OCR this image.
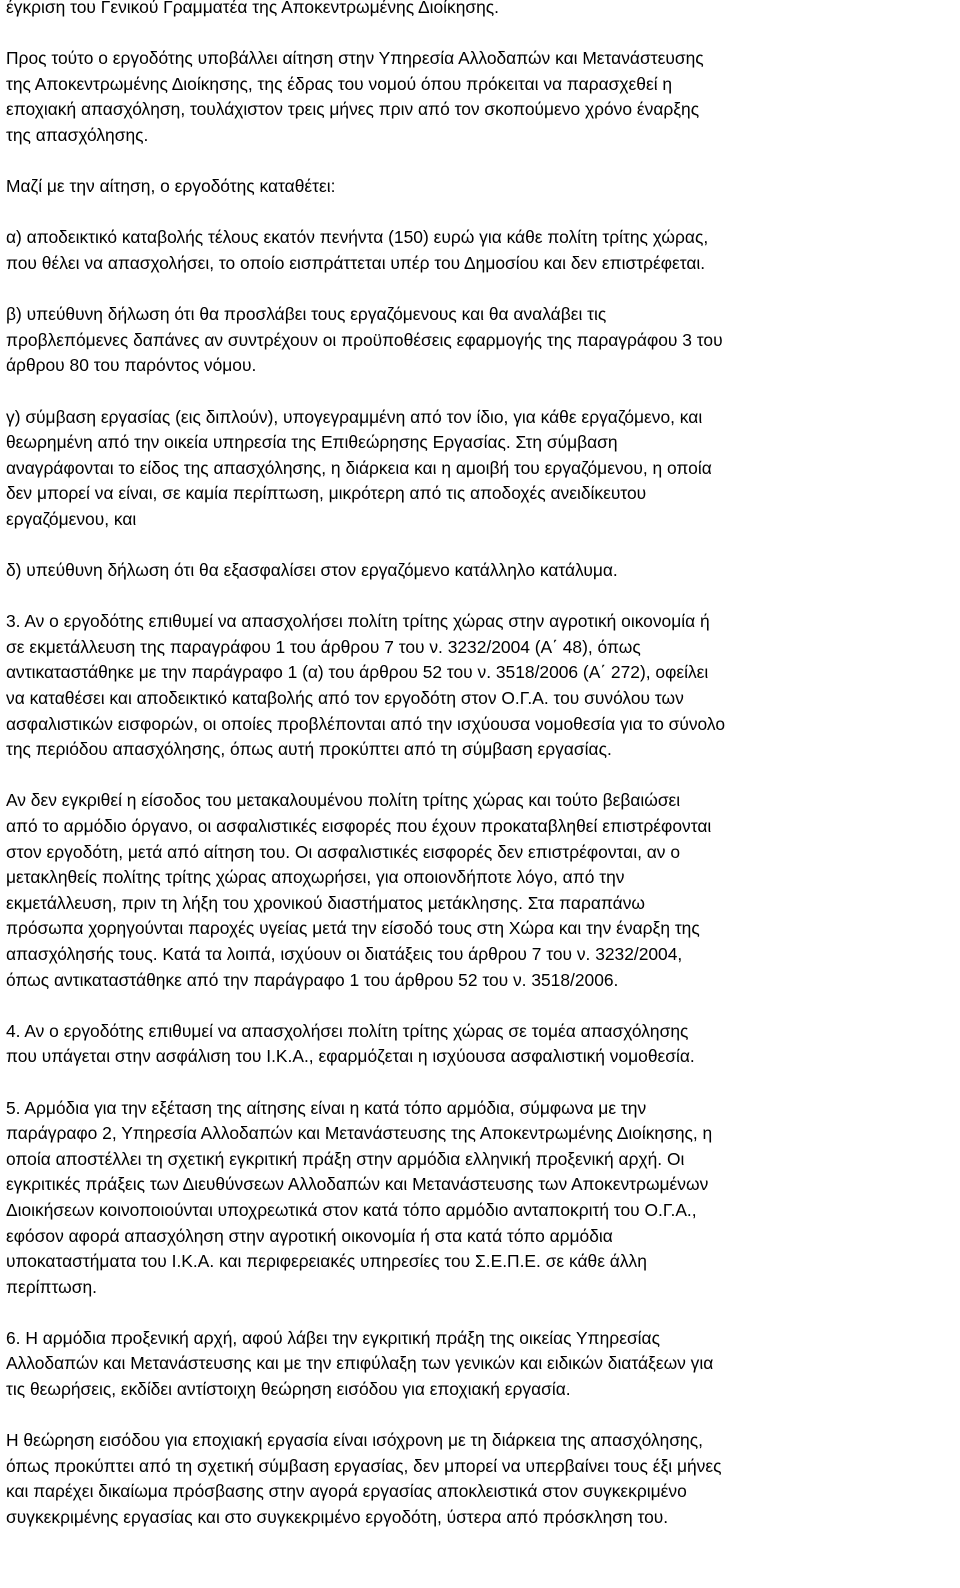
έγκριση του Γενικού Γραμματέα της Αποκεντρωμένης Διοίκησης.

Προς τούτο ο εργοδότης υποβάλλει αίτηση στην Υπηρεσία Αλλοδαπών και Μετανάστευσης
της Αποκεντρωμένης Διοίκησης, της έδρας του νομού όπου πρόκειται να παρασχεθεί η
εποχιακή απασχόληση, τουλάχιστον τρεις μήνες πριν από τον σκοπούμενο χρόνο έναρξης
της απασχόλησης.

Μαζί με την αίτηση, ο εργοδότης καταθέτει:

α) αποδεικτικό καταβολής τέλους εκατόν πενήντα (150) ευρώ για κάθε πολίτη τρίτης χώρας,
που θέλει να απασχολήσει, το οποίο εισπράττεται υπέρ του Δημοσίου και δεν επιστρέφεται.

β) υπεύθυνη δήλωση ότι θα προσλάβει τους εργαζόμενους και θα αναλάβει τις
προβλεπόμενες δαπάνες αν συντρέχουν οι προϋποθέσεις εφαρμογής της παραγράφου 3 του
άρθρου 80 του παρόντος νόμου.

γ) σύμβαση εργασίας (εις διπλούν), υπογεγραμμένη από τον ίδιο, για κάθε εργαζόμενο, και
θεωρημένη από την οικεία υπηρεσία της Επιθεώρησης Εργασίας. Στη σύμβαση
αναγράφονται το είδος της απασχόλησης, η διάρκεια και η αμοιβή του εργαζόμενου, η οποία
δεν μπορεί να είναι, σε καμία περίπτωση, μικρότερη από τις αποδοχές ανειδίκευτου
εργαζόμενου, και

δ) υπεύθυνη δήλωση ότι θα εξασφαλίσει στον εργαζόμενο κατάλληλο κατάλυμα.

3. Αν ο εργοδότης επιθυμεί να απασχολήσει πολίτη τρίτης χώρας στην αγροτική οικονομία ή
σε εκμετάλλευση της παραγράφου 1 του άρθρου 7 του ν. 3232/2004 (Α΄ 48), όπως
αντικαταστάθηκε με την παράγραφο 1 (α) του άρθρου 52 του ν. 3518/2006 (Α΄ 272), οφείλει
να καταθέσει και αποδεικτικό καταβολής από τον εργοδότη στον Ο.Γ.Α. του συνόλου των
ασφαλιστικών εισφορών, οι οποίες προβλέπονται από την ισχύουσα νομοθεσία για το σύνολο
της περιόδου απασχόλησης, όπως αυτή προκύπτει από τη σύμβαση εργασίας.

Αν δεν εγκριθεί η είσοδος του μετακαλουμένου πολίτη τρίτης χώρας και τούτο βεβαιώσει
από το αρμόδιο όργανο, οι ασφαλιστικές εισφορές που έχουν προκαταβληθεί επιστρέφονται
στον εργοδότη, μετά από αίτηση του. Οι ασφαλιστικές εισφορές δεν επιστρέφονται, αν ο
μετακληθείς πολίτης τρίτης χώρας αποχωρήσει, για οποιονδήποτε λόγο, από την
εκμετάλλευση, πριν τη λήξη του χρονικού διαστήματος μετάκλησης. Στα παραπάνω
πρόσωπα χορηγούνται παροχές υγείας μετά την είσοδό τους στη Χώρα και την έναρξη της
απασχόλησής τους. Κατά τα λοιπά, ισχύουν οι διατάξεις του άρθρου 7 του ν. 3232/2004,
όπως αντικαταστάθηκε από την παράγραφο 1 του άρθρου 52 του ν. 3518/2006.

4. Αν ο εργοδότης επιθυμεί να απασχολήσει πολίτη τρίτης χώρας σε τομέα απασχόλησης
που υπάγεται στην ασφάλιση του Ι.Κ.Α., εφαρμόζεται η ισχύουσα ασφαλιστική νομοθεσία.

5. Αρμόδια για την εξέταση της αίτησης είναι η κατά τόπο αρμόδια, σύμφωνα με την
παράγραφο 2, Υπηρεσία Αλλοδαπών και Μετανάστευσης της Αποκεντρωμένης Διοίκησης, η
οποία αποστέλλει τη σχετική εγκριτική πράξη στην αρμόδια ελληνική προξενική αρχή. Οι
εγκριτικές πράξεις των Διευθύνσεων Αλλοδαπών και Μετανάστευσης των Αποκεντρωμένων
Διοικήσεων κοινοποιούνται υποχρεωτικά στον κατά τόπο αρμόδιο ανταποκριτή του Ο.Γ.Α.,
εφόσον αφορά απασχόληση στην αγροτική οικονομία ή στα κατά τόπο αρμόδια
υποκαταστήματα του Ι.Κ.Α. και περιφερειακές υπηρεσίες του Σ.Ε.Π.Ε. σε κάθε άλλη
περίπτωση.

6. Η αρμόδια προξενική αρχή, αφού λάβει την εγκριτική πράξη της οικείας Υπηρεσίας
Αλλοδαπών και Μετανάστευσης και με την επιφύλαξη των γενικών και ειδικών διατάξεων για
τις θεωρήσεις, εκδίδει αντίστοιχη θεώρηση εισόδου για εποχιακή εργασία.

Η θεώρηση εισόδου για εποχιακή εργασία είναι ισόχρονη με τη διάρκεια της απασχόλησης,
όπως προκύπτει από τη σχετική σύμβαση εργασίας, δεν μπορεί να υπερβαίνει τους έξι μήνες
και παρέχει δικαίωμα πρόσβασης στην αγορά εργασίας αποκλειστικά στον συγκεκριμένο
συγκεκριμένης εργασίας και στο συγκεκριμένο εργοδότη, ύστερα από πρόσκληση του.
